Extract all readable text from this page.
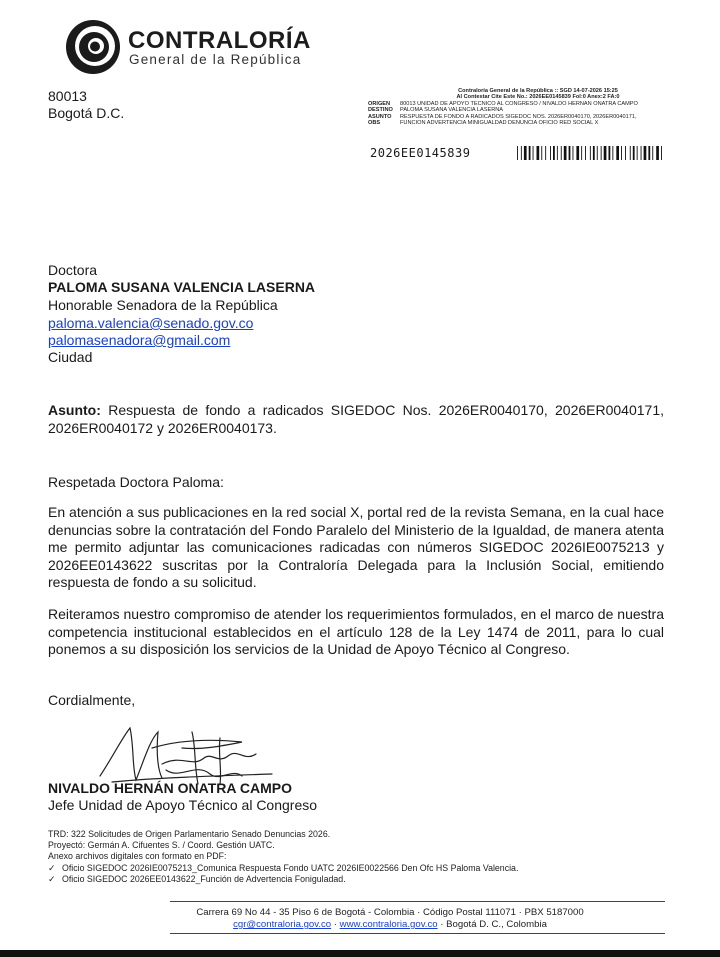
CONTRALORÍA
General de la República
80013
Bogotá D.C.
Contraloría General de la República :: SGD 14-07-2026 15:25
Al Contestar Cite Este No.: 2026EE0145839 Fol:0 Anex:2 FA:0
ORIGEN	80013 UNIDAD DE APOYO TÉCNICO AL CONGRESO / NIVALDO HERNÁN ONATRA CAMPO
DESTINO	PALOMA SUSANA VALENCIA LASERNA
ASUNTO	RESPUESTA DE FONDO A RADICADOS SIGEDOC NOS. 2026ER0040170, 2026ER0040171,
OBS	FUNCIÓN ADVERTENCIA MINIGUALDAD DENUNCIA OFICIO RED SOCIAL X
2026EE0145839
Doctora
PALOMA SUSANA VALENCIA LASERNA
Honorable Senadora de la República
paloma.valencia@senado.gov.co
palomasenadora@gmail.com
Ciudad
Asunto: Respuesta de fondo a radicados SIGEDOC Nos. 2026ER0040170, 2026ER0040171, 2026ER0040172 y 2026ER0040173.
Respetada Doctora Paloma:
En atención a sus publicaciones en la red social X, portal red de la revista Semana, en la cual hace denuncias sobre la contratación del Fondo Paralelo del Ministerio de la Igualdad, de manera atenta me permito adjuntar las comunicaciones radicadas con números SIGEDOC 2026IE0075213 y 2026EE0143622 suscritas por la Contraloría Delegada para la Inclusión Social, emitiendo respuesta de fondo a su solicitud.
Reiteramos nuestro compromiso de atender los requerimientos formulados, en el marco de nuestra competencia institucional establecidos en el artículo 128 de la Ley 1474 de 2011, para lo cual ponemos a su disposición los servicios de la Unidad de Apoyo Técnico al Congreso.
Cordialmente,
NIVALDO HERNÁN ONATRA CAMPO
Jefe Unidad de Apoyo Técnico al Congreso
TRD: 322 Solicitudes de Origen Parlamentario Senado Denuncias 2026.
Proyectó: Germán A. Cifuentes S. / Coord. Gestión UATC.
Anexo archivos digitales con formato en PDF:
✓ Oficio SIGEDOC 2026IE0075213_Comunica Respuesta Fondo UATC 2026IE0022566 Den Ofc HS Paloma Valencia.
✓ Oficio SIGEDOC 2026EE0143622_Función de Advertencia Foniguladad.
Carrera 69 No 44 - 35 Piso 6 de Bogotá - Colombia · Código Postal 111071 · PBX 5187000
cgr@contraloria.gov.co · www.contraloria.gov.co · Bogotá D. C., Colombia
